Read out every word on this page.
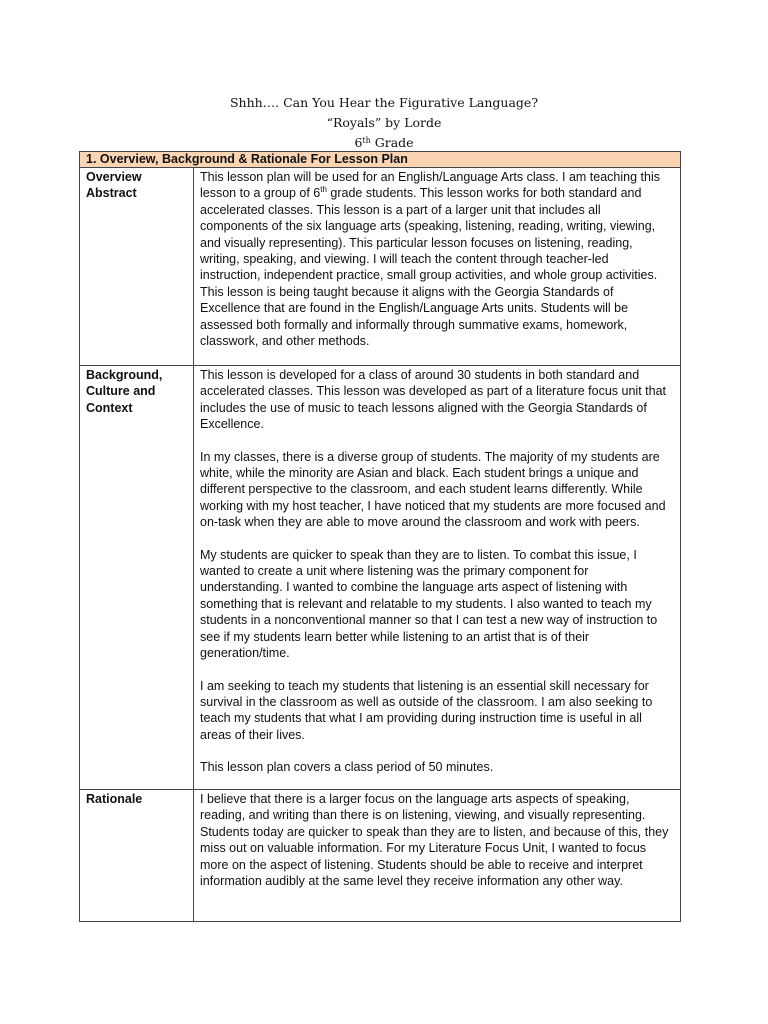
Shhh…. Can You Hear the Figurative Language?
“Royals” by Lorde
6th Grade
1. Overview, Background & Rationale For Lesson Plan	
Overview Abstract	This lesson plan will be used for an English/Language Arts class. I am teaching this lesson to a group of 6th grade students. This lesson works for both standard and accelerated classes. This lesson is a part of a larger unit that includes all components of the six language arts (speaking, listening, reading, writing, viewing, and visually representing). This particular lesson focuses on listening, reading, writing, speaking, and viewing. I will teach the content through teacher-led instruction, independent practice, small group activities, and whole group activities. This lesson is being taught because it aligns with the Georgia Standards of Excellence that are found in the English/Language Arts units. Students will be assessed both formally and informally through summative exams, homework, classwork, and other methods.

Background, Culture and Context	This lesson is developed for a class of around 30 students in both standard and accelerated classes. This lesson was developed as part of a literature focus unit that includes the use of music to teach lessons aligned with the Georgia Standards of Excellence.

In my classes, there is a diverse group of students. The majority of my students are white, while the minority are Asian and black. Each student brings a unique and different perspective to the classroom, and each student learns differently. While working with my host teacher, I have noticed that my students are more focused and on-task when they are able to move around the classroom and work with peers.

My students are quicker to speak than they are to listen. To combat this issue, I wanted to create a unit where listening was the primary component for understanding. I wanted to combine the language arts aspect of listening with something that is relevant and relatable to my students. I also wanted to teach my students in a nonconventional manner so that I can test a new way of instruction to see if my students learn better while listening to an artist that is of their generation/time.

I am seeking to teach my students that listening is an essential skill necessary for survival in the classroom as well as outside of the classroom. I am also seeking to teach my students that what I am providing during instruction time is useful in all areas of their lives.

This lesson plan covers a class period of 50 minutes.

Rationale	I believe that there is a larger focus on the language arts aspects of speaking, reading, and writing than there is on listening, viewing, and visually representing. Students today are quicker to speak than they are to listen, and because of this, they miss out on valuable information. For my Literature Focus Unit, I wanted to focus more on the aspect of listening. Students should be able to receive and interpret information audibly at the same level they receive information any other way.
